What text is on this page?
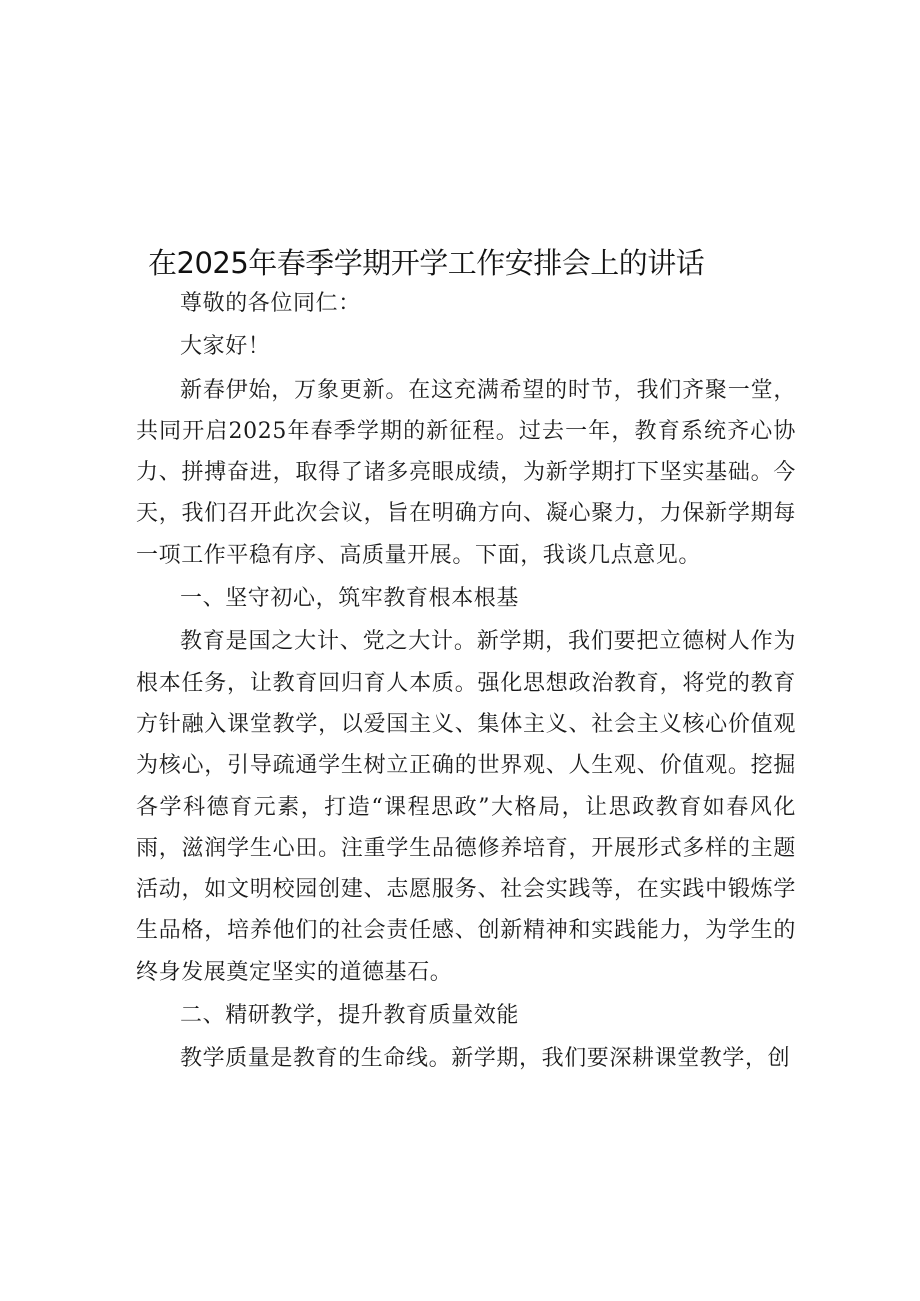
在2025年春季学期开学工作安排会上的讲话

尊敬的各位同仁：

大家好！

新春伊始，万象更新。在这充满希望的时节，我们齐聚一堂，共同开启2025年春季学期的新征程。过去一年，教育系统齐心协力、拼搏奋进，取得了诸多亮眼成绩，为新学期打下坚实基础。今天，我们召开此次会议，旨在明确方向、凝心聚力，力保新学期每一项工作平稳有序、高质量开展。下面，我谈几点意见。

一、坚守初心，筑牢教育根本根基

教育是国之大计、党之大计。新学期，我们要把立德树人作为根本任务，让教育回归育人本质。强化思想政治教育，将党的教育方针融入课堂教学，以爱国主义、集体主义、社会主义核心价值观为核心，引导疏通学生树立正确的世界观、人生观、价值观。挖掘各学科德育元素，打造“课程思政”大格局，让思政教育如春风化雨，滋润学生心田。注重学生品德修养培育，开展形式多样的主题活动，如文明校园创建、志愿服务、社会实践等，在实践中锻炼学生品格，培养他们的社会责任感、创新精神和实践能力，为学生的终身发展奠定坚实的道德基石。

二、精研教学，提升教育质量效能

教学质量是教育的生命线。新学期，我们要深耕课堂教学，创
